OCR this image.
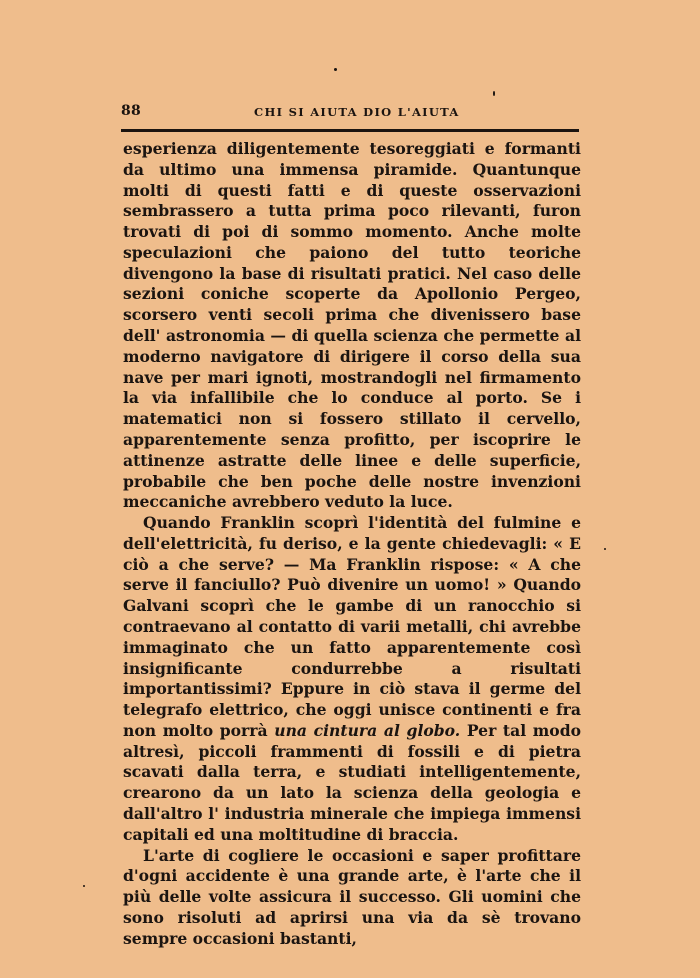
88	CHI SI AIUTA DIO L'AIUTA

esperienza diligentemente tesoreggiati e formanti da ultimo una immensa piramide. Quantunque molti di questi fatti e di queste osservazioni sembrassero a tutta prima poco rilevanti, furon trovati di poi di sommo momento. Anche molte speculazioni che paiono del tutto teoriche divengono la base di risultati pratici. Nel caso delle sezioni coniche scoperte da Apollonio Pergeo, scorsero venti secoli prima che divenissero base dell' astronomia — di quella scienza che permette al moderno navigatore di dirigere il corso della sua nave per mari ignoti, mostrandogli nel firmamento la via infallibile che lo conduce al porto. Se i matematici non si fossero stillato il cervello, apparentemente senza profitto, per iscoprire le attinenze astratte delle linee e delle superficie, probabile che ben poche delle nostre invenzioni meccaniche avrebbero veduto la luce.

Quando Franklin scoprì l'identità del fulmine e dell'elettricità, fu deriso, e la gente chiedevagli: « E ciò a che serve? — Ma Franklin rispose: « A che serve il fanciullo? Può divenire un uomo! » Quando Galvani scoprì che le gambe di un ranocchio si contraevano al contatto di varii metalli, chi avrebbe immaginato che un fatto apparentemente così insignificante condurrebbe a risultati importantissimi? Eppure in ciò stava il germe del telegrafo elettrico, che oggi unisce continenti e fra non molto porrà una cintura al globo. Per tal modo altresì, piccoli frammenti di fossili e di pietra scavati dalla terra, e studiati intelligentemente, crearono da un lato la scienza della geologia e dall'altro l' industria minerale che impiega immensi capitali ed una moltitudine di braccia.

L'arte di cogliere le occasioni e saper profittare d'ogni accidente è una grande arte, è l'arte che il più delle volte assicura il successo. Gli uomini che sono risoluti ad aprirsi una via da sè trovano sempre occasioni bastanti,
